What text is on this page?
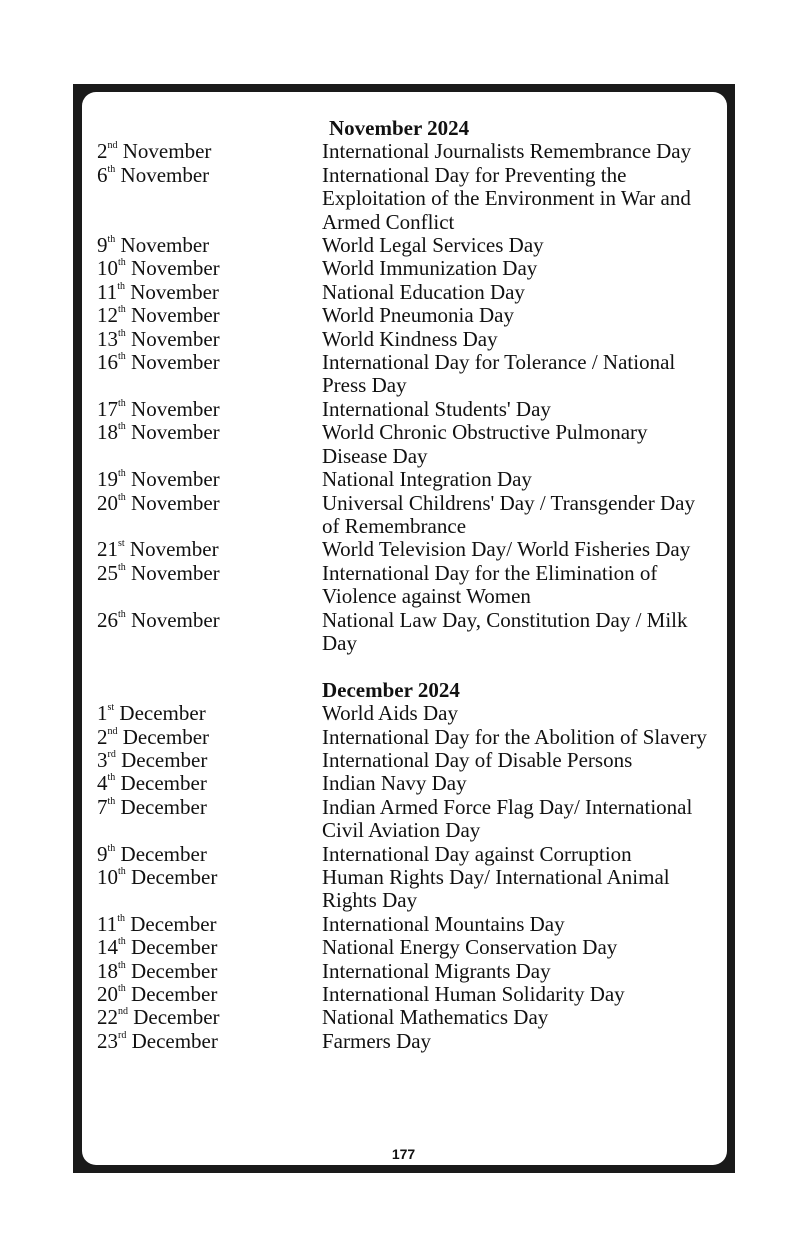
November 2024
2nd November	International Journalists Remembrance Day
6th November	International Day for Preventing the Exploitation of the Environment in War and Armed Conflict
9th November	World Legal Services Day
10th November	World Immunization Day
11th November	National Education Day
12th November	World Pneumonia Day
13th November	World Kindness Day
16th November	International Day for Tolerance / National Press Day
17th November	International Students' Day
18th November	World Chronic Obstructive Pulmonary Disease Day
19th November	National Integration Day
20th November	Universal Childrens' Day / Transgender Day of Remembrance
21st November	World Television Day/ World Fisheries Day
25th November	International Day for the Elimination of Violence against Women
26th November	National Law Day, Constitution Day / Milk Day
December 2024
1st December	World Aids Day
2nd December	International Day for the Abolition of Slavery
3rd December	International Day of Disable Persons
4th December	Indian Navy Day
7th December	Indian Armed Force Flag Day/ International Civil Aviation Day
9th December	International Day against Corruption
10th December	Human Rights Day/ International Animal Rights Day
11th December	International Mountains Day
14th December	National Energy Conservation Day
18th December	International Migrants Day
20th December	International Human Solidarity Day
22nd December	National Mathematics Day
23rd December	Farmers Day
177
